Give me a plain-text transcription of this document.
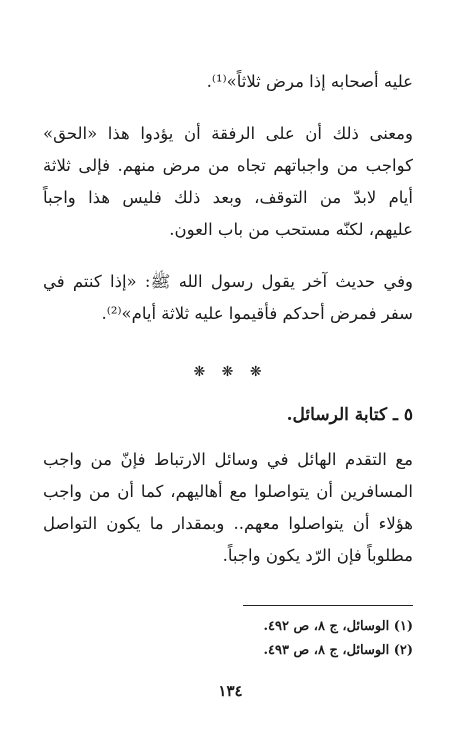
عليه أصحابه إذا مرض ثلاثاً»⁽¹⁾.
ومعنى ذلك أن على الرفقة أن يؤدوا هذا «الحق»
كواجب من واجباتهم تجاه من مرض منهم. فإلى ثلاثة
أيام لابدّ من التوقف، وبعد ذلك فليس هذا واجباً
عليهم، لكنّه مستحب من باب العون.
وفي حديث آخر يقول رسول الله ﷺ: «إذا كنتم في
سفر فمرض أحدكم فأقيموا عليه ثلاثة أيام»⁽²⁾.
❋ ❋ ❋
٥ ـ كتابة الرسائل.
مع التقدم الهائل في وسائل الارتباط فإنّ من واجب
المسافرين أن يتواصلوا مع أهاليهم، كما أن من واجب
هؤلاء أن يتواصلوا معهم.. وبمقدار ما يكون التواصل
مطلوباً فإن الرّد يكون واجباً.
(١) الوسائل، ج ٨، ص ٤٩٢.
(٢) الوسائل، ج ٨، ص ٤٩٣.
١٣٤
